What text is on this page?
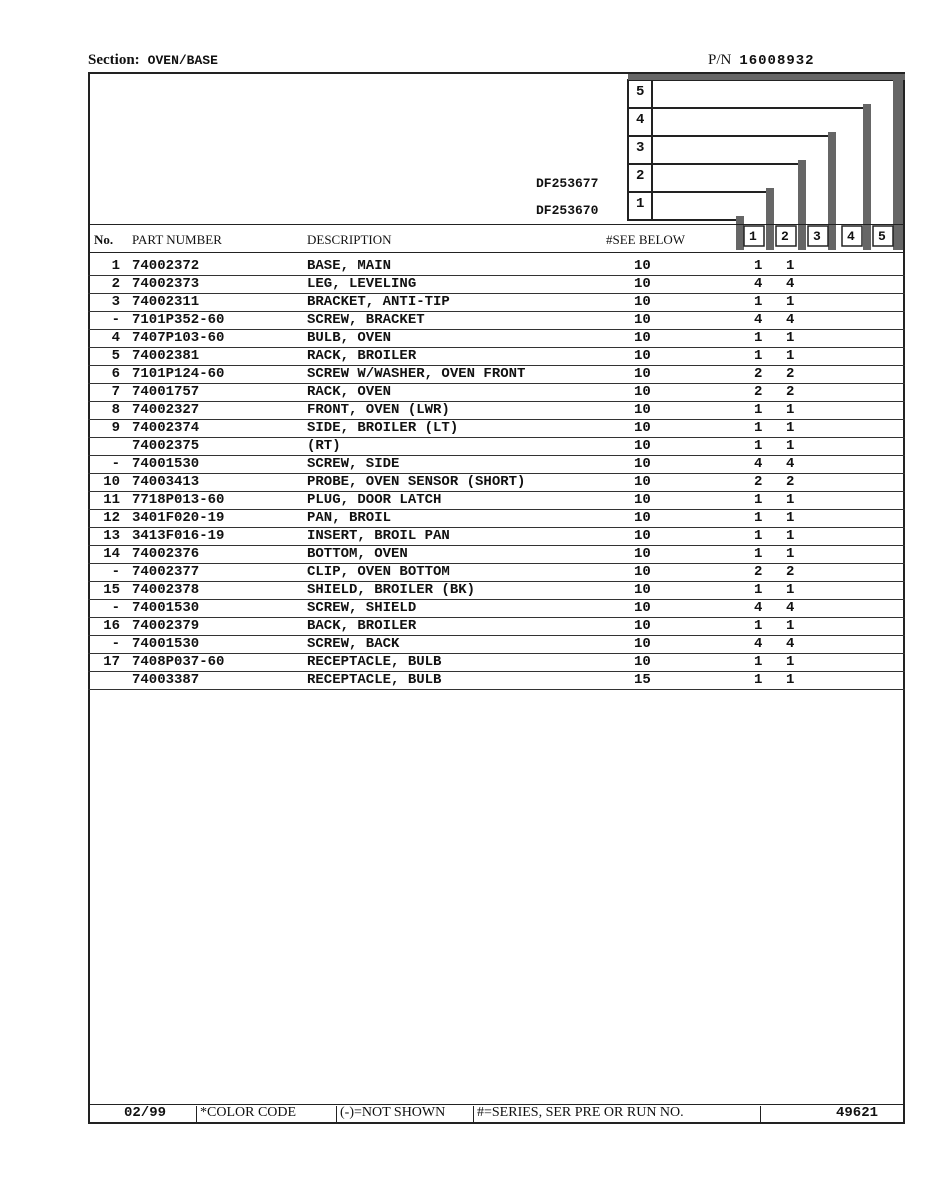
Section: OVEN/BASE	P/N 16008932
5
4
3
2
1
DF253677
DF253670
No. PART NUMBER	DESCRIPTION	#SEE BELOW	1 2 3 4 5
1 74002372	BASE, MAIN	10	1 1
2 74002373	LEG, LEVELING	10	4 4
3 74002311	BRACKET, ANTI-TIP	10	1 1
- 7101P352-60	SCREW, BRACKET	10	4 4
4 7407P103-60	BULB, OVEN	10	1 1
5 74002381	RACK, BROILER	10	1 1
6 7101P124-60	SCREW W/WASHER, OVEN FRONT	10	2 2
7 74001757	RACK, OVEN	10	2 2
8 74002327	FRONT, OVEN (LWR)	10	1 1
9 74002374	SIDE, BROILER (LT)	10	1 1
74002375	(RT)	10	1 1
- 74001530	SCREW, SIDE	10	4 4
10 74003413	PROBE, OVEN SENSOR (SHORT)	10	2 2
11 7718P013-60	PLUG, DOOR LATCH	10	1 1
12 3401F020-19	PAN, BROIL	10	1 1
13 3413F016-19	INSERT, BROIL PAN	10	1 1
14 74002376	BOTTOM, OVEN	10	1 1
- 74002377	CLIP, OVEN BOTTOM	10	2 2
15 74002378	SHIELD, BROILER (BK)	10	1 1
- 74001530	SCREW, SHIELD	10	4 4
16 74002379	BACK, BROILER	10	1 1
- 74001530	SCREW, BACK	10	4 4
17 7408P037-60	RECEPTACLE, BULB	10	1 1
74003387	RECEPTACLE, BULB	15	1 1
02/99 *COLOR CODE	(-)=NOT SHOWN #=SERIES, SER PRE OR RUN NO.	49621
